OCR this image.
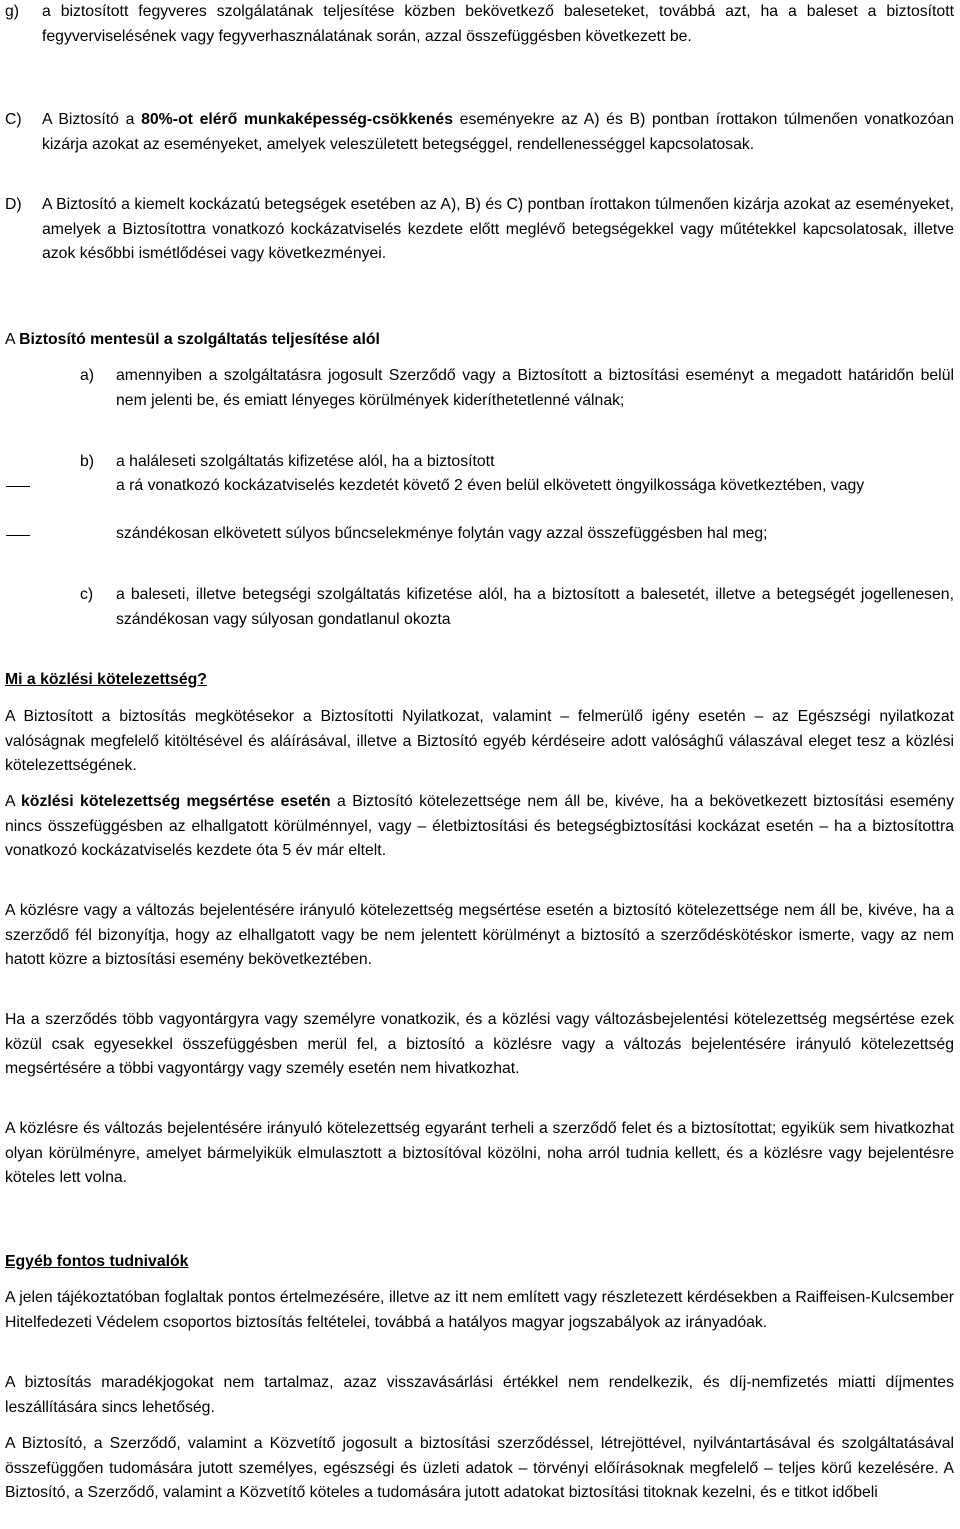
g) a biztosított fegyveres szolgálatának teljesítése közben bekövetkező baleseteket, továbbá azt, ha a baleset a biztosított fegyverviselésének vagy fegyverhasználatának során, azzal összefüggésben következett be.
C) A Biztosító a 80%-ot elérő munkaképesség-csökkenés eseményekre az A) és B) pontban írottakon túlmenően vonatkozóan kizárja azokat az eseményeket, amelyek veleszületett betegséggel, rendellenességgel kapcsolatosak.
D) A Biztosító a kiemelt kockázatú betegségek esetében az A), B) és C) pontban írottakon túlmenően kizárja azokat az eseményeket, amelyek a Biztosítottra vonatkozó kockázatviselés kezdete előtt meglévő betegségekkel vagy műtétekkel kapcsolatosak, illetve azok későbbi ismétlődései vagy következményei.
A Biztosító mentesül a szolgáltatás teljesítése alól
a) amennyiben a szolgáltatásra jogosult Szerződő vagy a Biztosított a biztosítási eseményt a megadott határidőn belül nem jelenti be, és emiatt lényeges körülmények kideríthetetlenné válnak;
b) a haláleseti szolgáltatás kifizetése alól, ha a biztosított
a rá vonatkozó kockázatviselés kezdetét követő 2 éven belül elkövetett öngyilkossága következtében, vagy
szándékosan elkövetett súlyos bűncselekménye folytán vagy azzal összefüggésben hal meg;
c) a baleseti, illetve betegségi szolgáltatás kifizetése alól, ha a biztosított a balesetét, illetve a betegségét jogellenesen, szándékosan vagy súlyosan gondatlanul okozta
Mi a közlési kötelezettség?
A Biztosított a biztosítás megkötésekor a Biztosítotti Nyilatkozat, valamint – felmerülő igény esetén – az Egészségi nyilatkozat valóságnak megfelelő kitöltésével és aláírásával, illetve a Biztosító egyéb kérdéseire adott valósághű válaszával eleget tesz a közlési kötelezettségének.
A közlési kötelezettség megsértése esetén a Biztosító kötelezettsége nem áll be, kivéve, ha a bekövetkezett biztosítási esemény nincs összefüggésben az elhallgatott körülménnyel, vagy – életbiztosítási és betegségbiztosítási kockázat esetén – ha a biztosítottra vonatkozó kockázatviselés kezdete óta 5 év már eltelt.
A közlésre vagy a változás bejelentésére irányuló kötelezettség megsértése esetén a biztosító kötelezettsége nem áll be, kivéve, ha a szerződő fél bizonyítja, hogy az elhallgatott vagy be nem jelentett körülményt a biztosító a szerződéskötéskor ismerte, vagy az nem hatott közre a biztosítási esemény bekövetkeztében.
Ha a szerződés több vagyontárgyra vagy személyre vonatkozik, és a közlési vagy változásbejelentési kötelezettség megsértése ezek közül csak egyesekkel összefüggésben merül fel, a biztosító a közlésre vagy a változás bejelentésére irányuló kötelezettség megsértésére a többi vagyontárgy vagy személy esetén nem hivatkozhat.
A közlésre és változás bejelentésére irányuló kötelezettség egyaránt terheli a szerződő felet és a biztosítottat; egyikük sem hivatkozhat olyan körülményre, amelyet bármelyikük elmulasztott a biztosítóval közölni, noha arról tudnia kellett, és a közlésre vagy bejelentésre köteles lett volna.
Egyéb fontos tudnivalók
A jelen tájékoztatóban foglaltak pontos értelmezésére, illetve az itt nem említett vagy részletezett kérdésekben a Raiffeisen-Kulcsember Hitelfedezeti Védelem csoportos biztosítás feltételei, továbbá a hatályos magyar jogszabályok az irányadóak.
A biztosítás maradékjogokat nem tartalmaz, azaz visszavásárlási értékkel nem rendelkezik, és díj-nemfizetés miatti díjmentes leszállítására sincs lehetőség.
A Biztosító, a Szerződő, valamint a Közvetítő jogosult a biztosítási szerződéssel, létrejöttével, nyilvántartásával és szolgáltatásával összefüggően tudomására jutott személyes, egészségi és üzleti adatok – törvényi előírásoknak megfelelő – teljes körű kezelésére. A Biztosító, a Szerződő, valamint a Közvetítő köteles a tudomására jutott adatokat biztosítási titoknak kezelni, és e titkot időbeli
